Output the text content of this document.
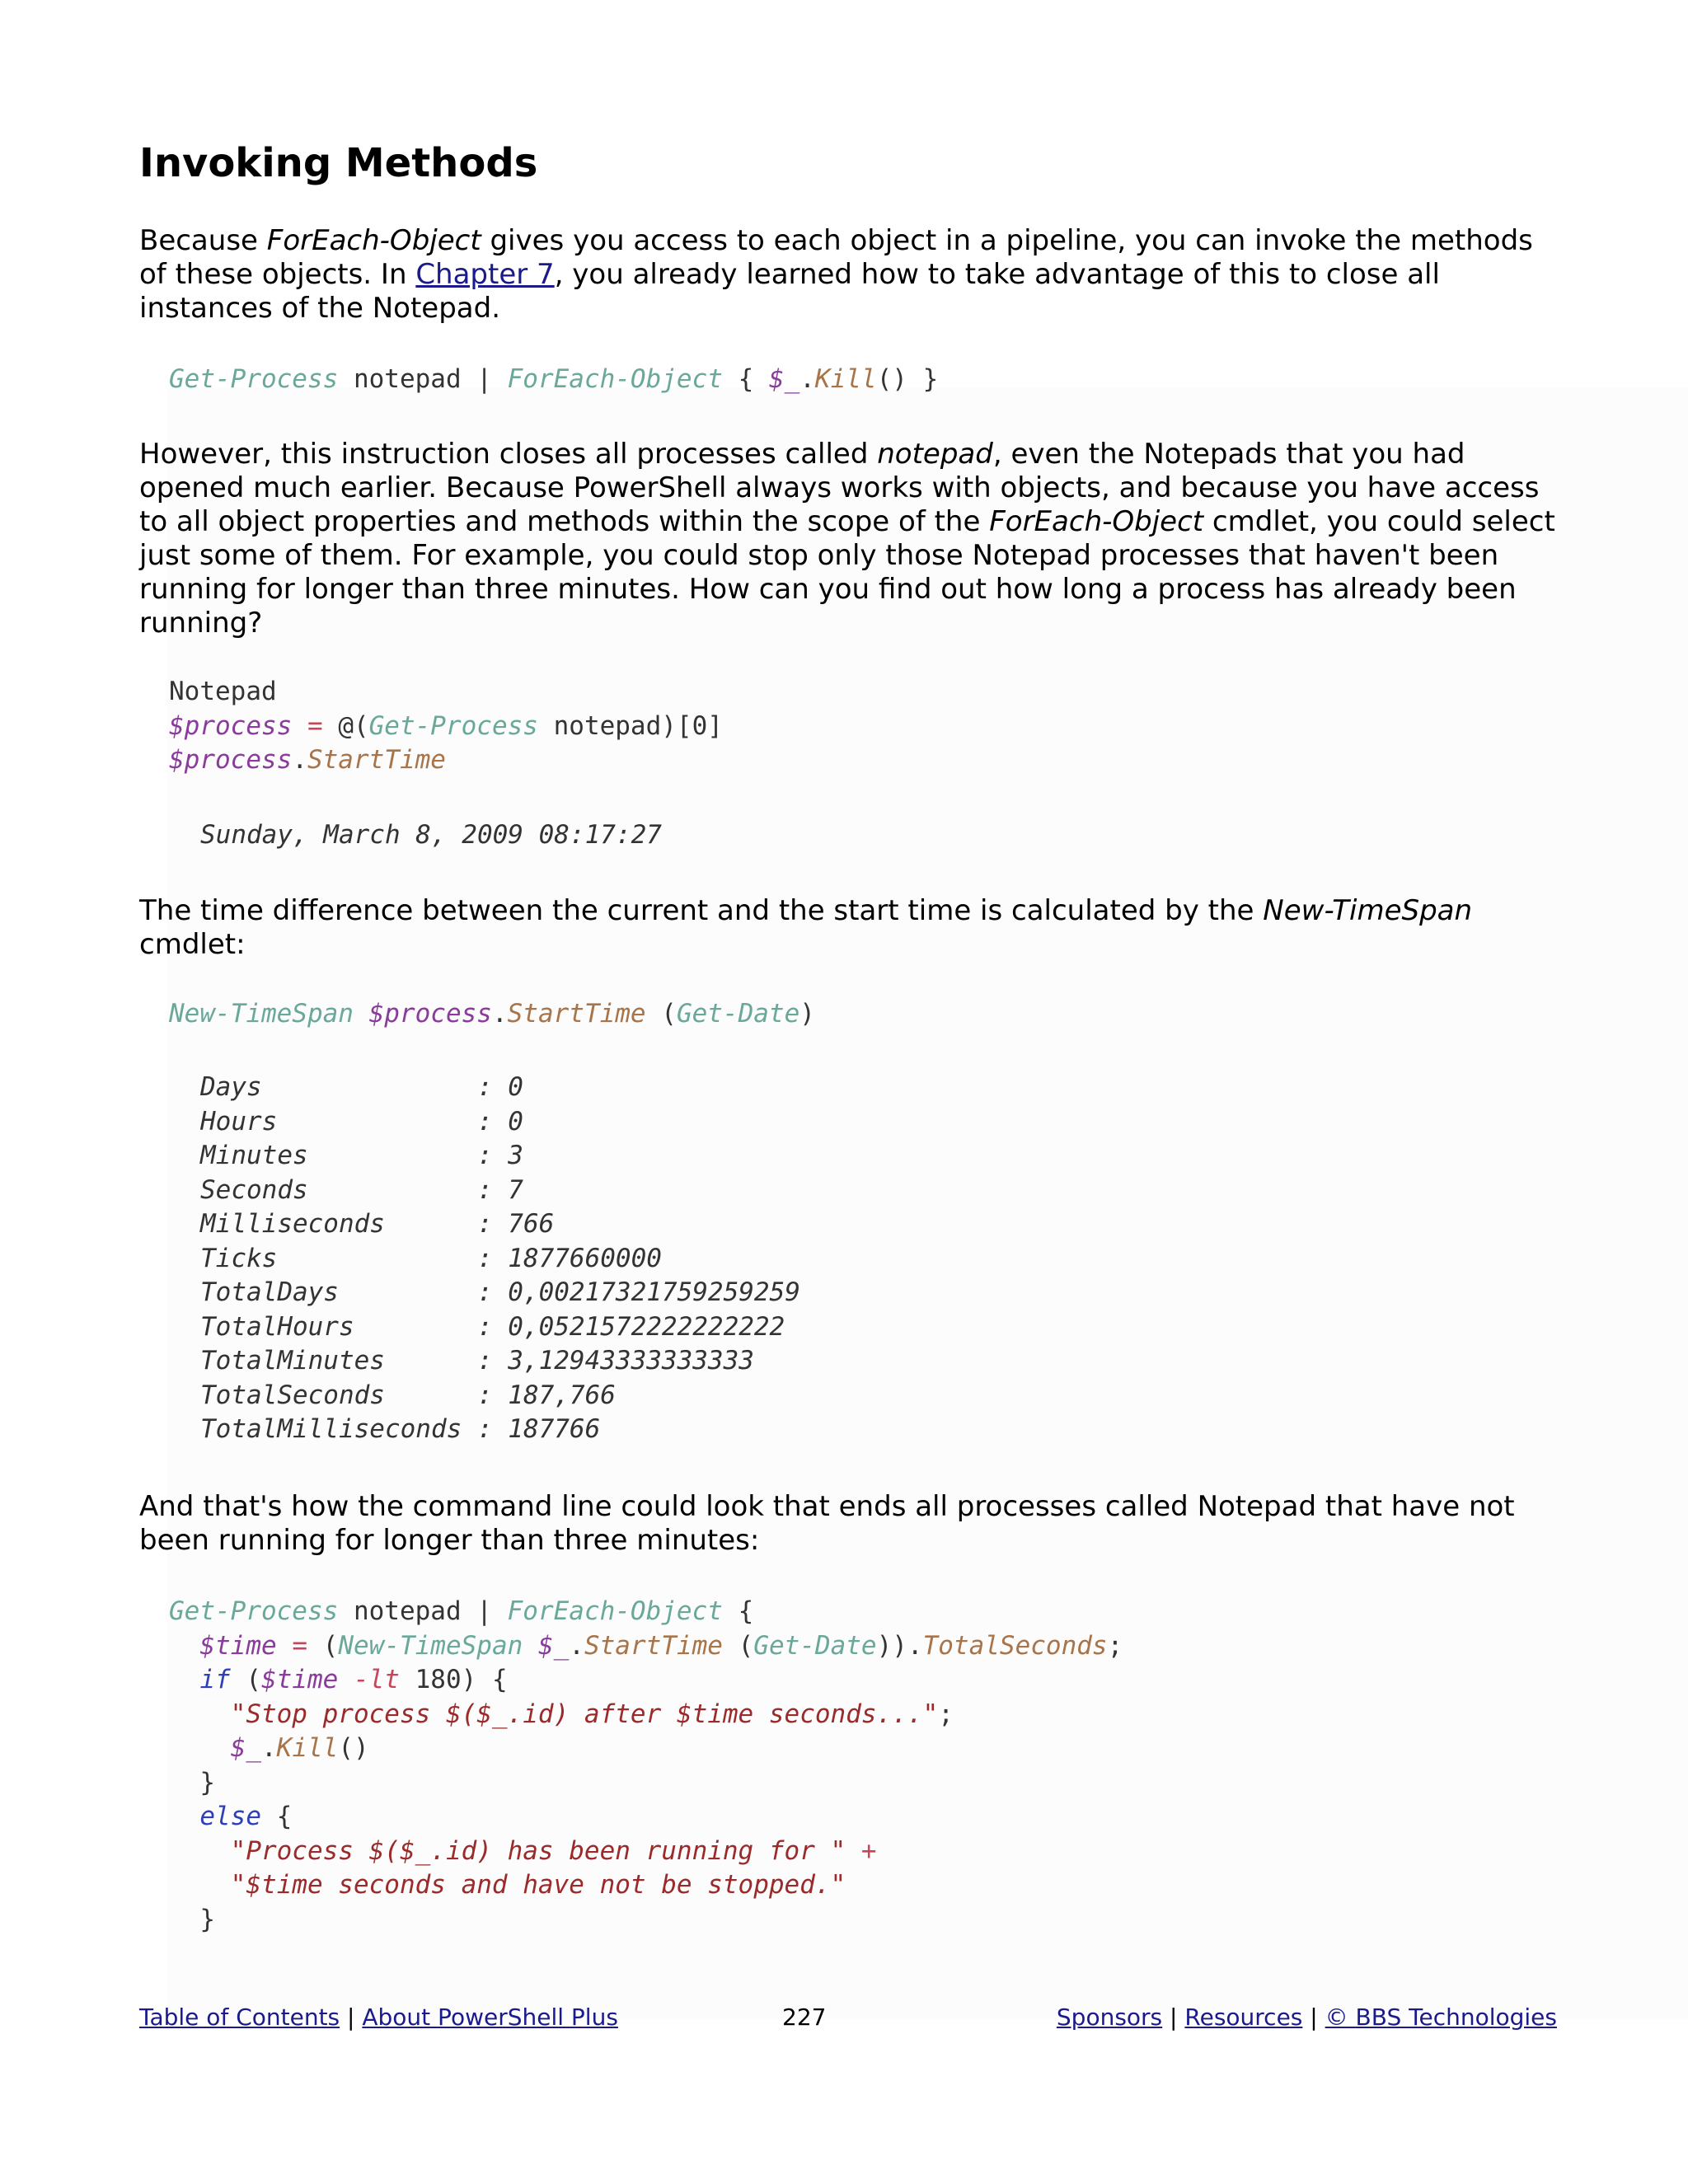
Invoking Methods

Because ForEach-Object gives you access to each object in a pipeline, you can invoke the methods of these objects. In Chapter 7, you already learned how to take advantage of this to close all instances of the Notepad.

Get-Process notepad | ForEach-Object { $_.Kill() }

However, this instruction closes all processes called notepad, even the Notepads that you had opened much earlier. Because PowerShell always works with objects, and because you have access to all object properties and methods within the scope of the ForEach-Object cmdlet, you could select just some of them. For example, you could stop only those Notepad processes that haven't been running for longer than three minutes. How can you find out how long a process has already been running?

Notepad
$process = @(Get-Process notepad)[0]
$process.StartTime
Sunday, March 8, 2009 08:17:27

The time difference between the current and the start time is calculated by the New-TimeSpan cmdlet:

New-TimeSpan $process.StartTime (Get-Date)
Days              : 0
Hours             : 0
Minutes           : 3
Seconds           : 7
Milliseconds      : 766
Ticks             : 1877660000
TotalDays         : 0,00217321759259259
TotalHours        : 0,0521572222222222
TotalMinutes      : 3,12943333333333
TotalSeconds      : 187,766
TotalMilliseconds : 187766

And that's how the command line could look that ends all processes called Notepad that have not been running for longer than three minutes:

Get-Process notepad | ForEach-Object {
$time = (New-TimeSpan $_.StartTime (Get-Date)).TotalSeconds;
if ($time -lt 180) {
"Stop process $($_.id) after $time seconds...";
$_.Kill()
}
else {
"Process $($_.id) has been running for " +
"$time seconds and have not be stopped."
}
Table of Contents | About PowerShell Plus	227	Sponsors | Resources | © BBS Technologies
